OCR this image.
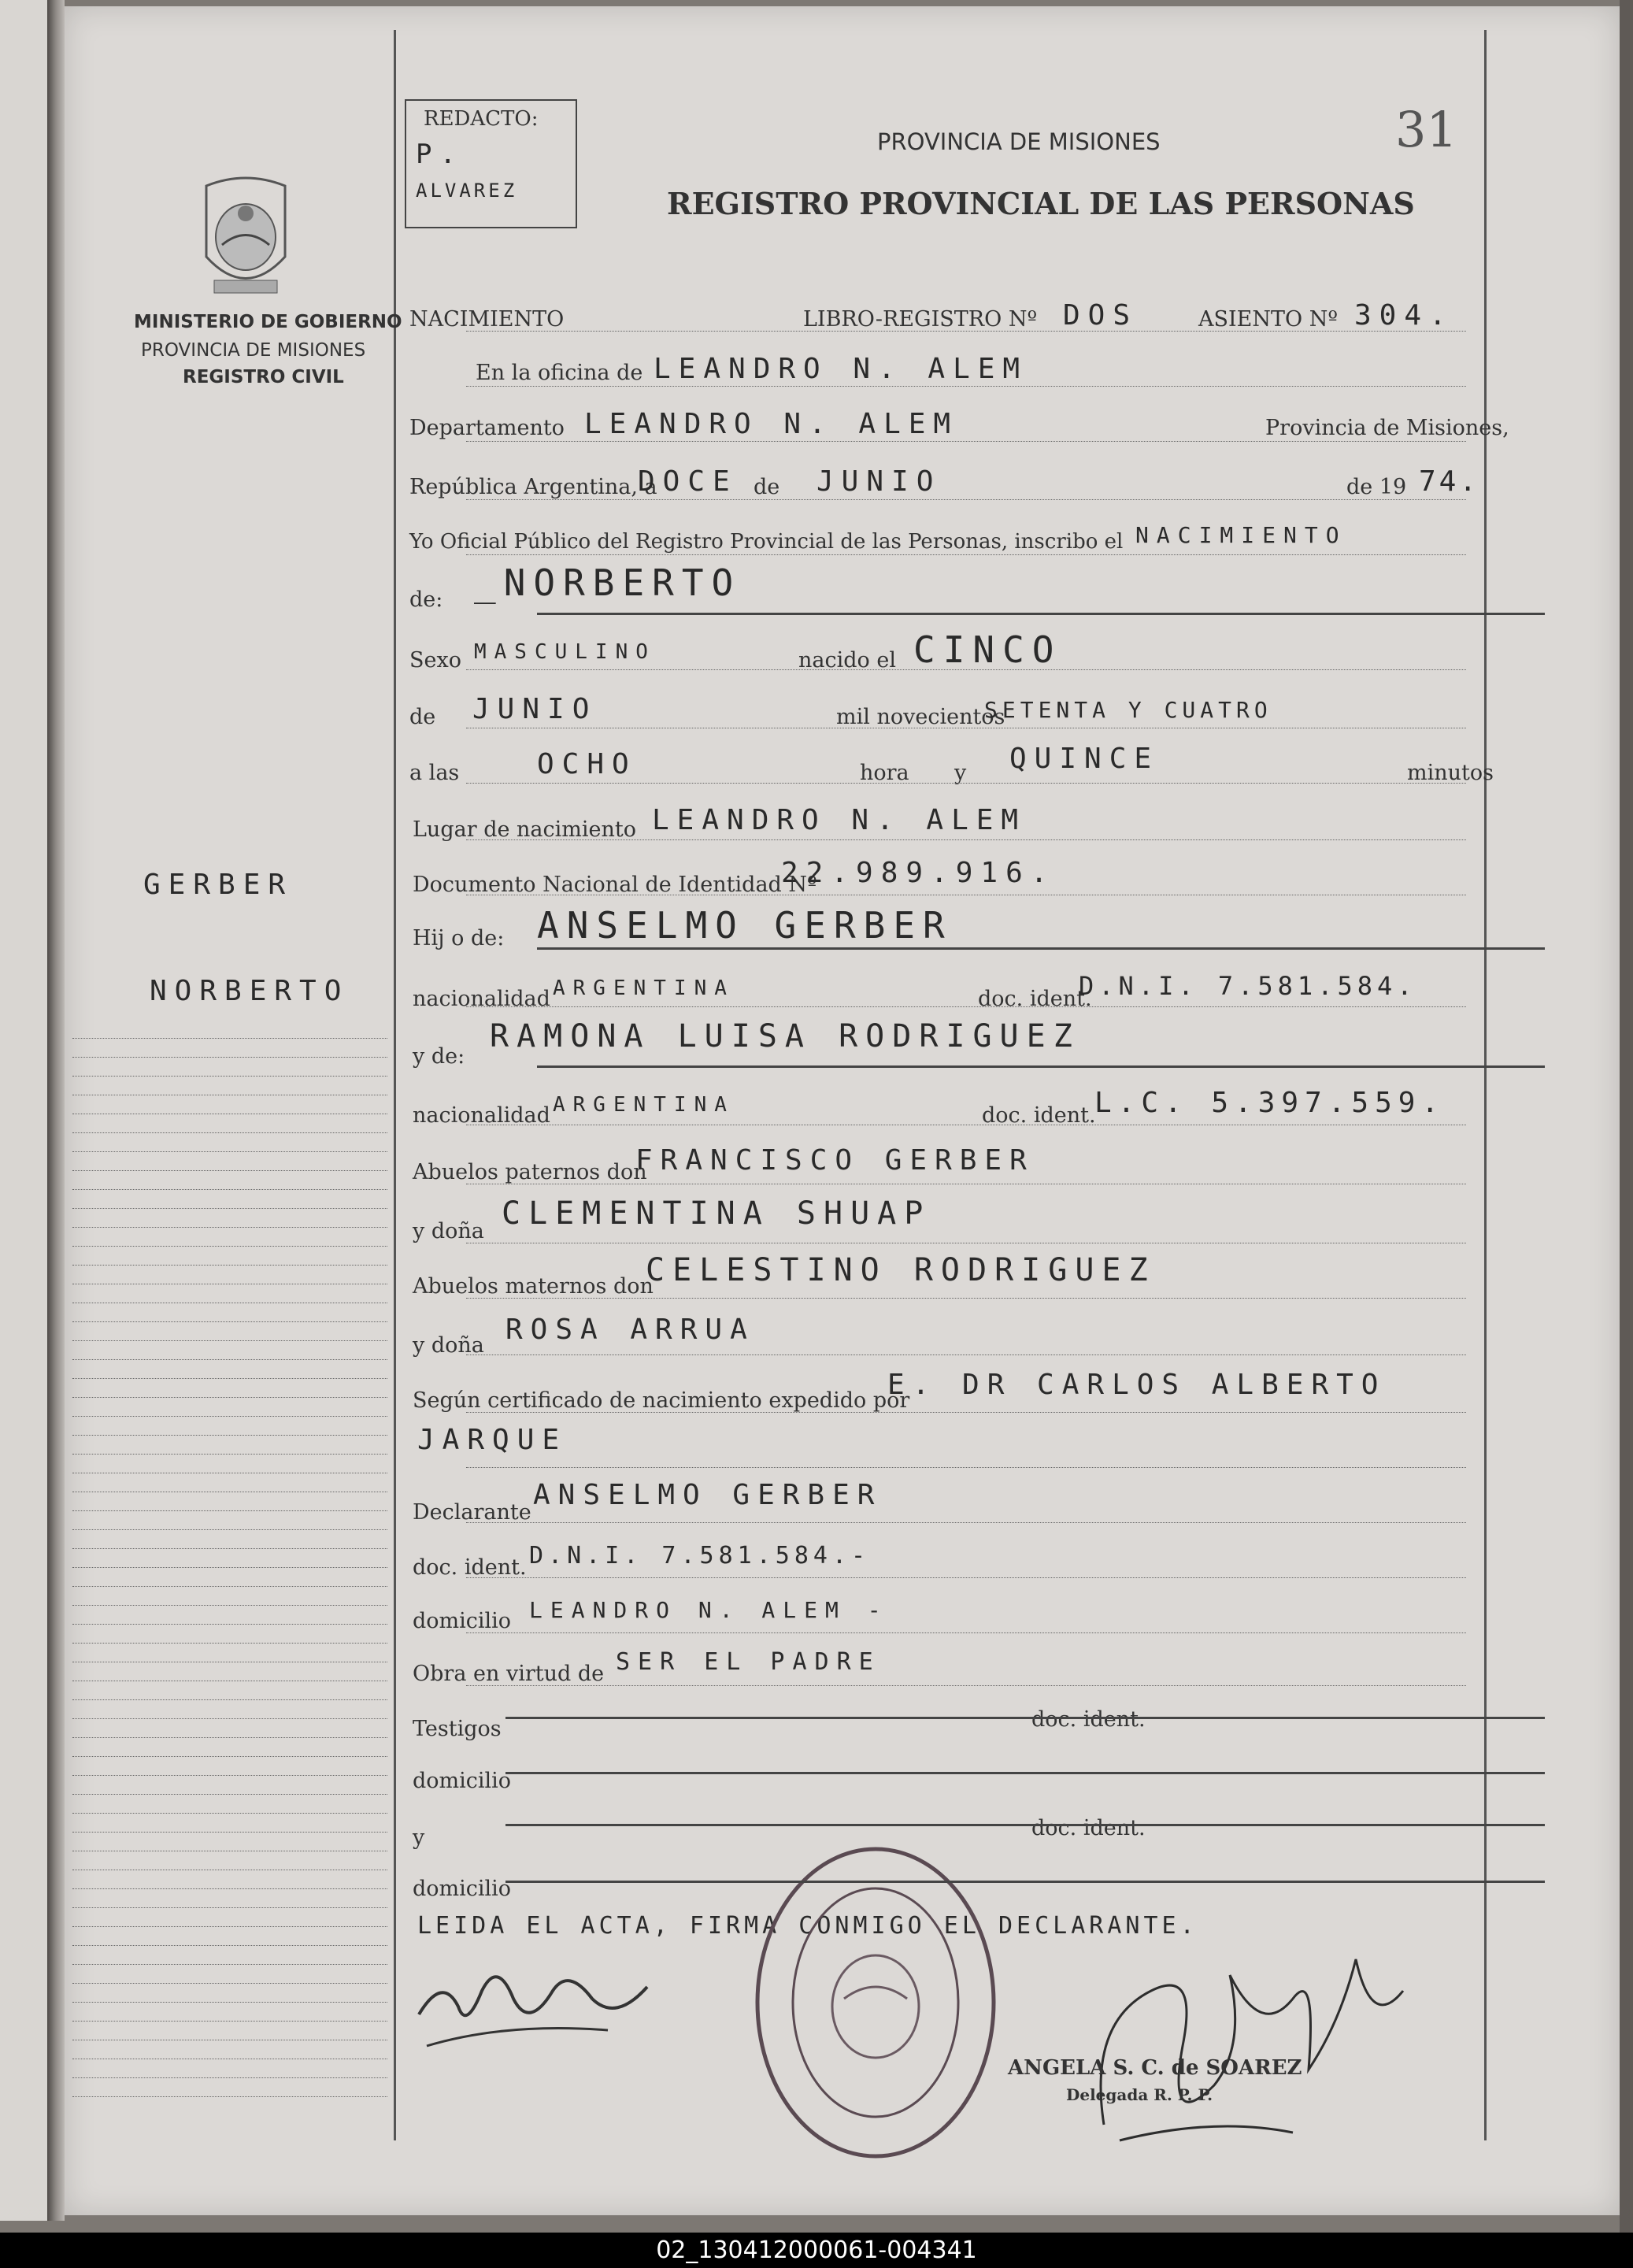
REDACTO:
P.
ALVAREZ
PROVINCIA DE MISIONES
REGISTRO PROVINCIAL DE LAS PERSONAS
31
MINISTERIO DE GOBIERNO
PROVINCIA DE MISIONES
REGISTRO CIVIL
GERBER
NORBERTO
NACIMIENTO	LIBRO-REGISTRO Nº DOS	ASIENTO Nº 304.
En la oficina de LEANDRO N. ALEM
Departamento LEANDRO N. ALEM	Provincia de Misiones,
República Argentina, a
DOCE de JUNIO	de 19 74.
Yo Oficial Público del Registro Provincial de las Personas, inscribo el NACIMIENTO
de: _NORBERTO
Sexo MASCULINO	nacido el CINCO
de JUNIO	mil novecientos
SETENTA Y CUATRO
a las	OCHO	hora y QUINCE	minutos
Lugar de nacimiento LEANDRO N. ALEM
Documento Nacional de Identidad Nº
22.989.916.
Hij o de: ANSELMO GERBER
nacionalidad ARGENTINA	doc. ident.
D.N.I. 7.581.584.
y de:
RAMONA LUISA RODRIGUEZ
nacionalidad ARGENTINA	doc. ident.
L.C. 5.397.559.
Abuelos paternos don
FRANCISCO GERBER
y doña CLEMENTINA SHUAP
Abuelos maternos don
CELESTINO RODRIGUEZ
y doña ROSA ARRUA
Según certificado de nacimiento expedido por
E. DR CARLOS ALBERTO
JARQUE
Declarante
ANSELMO GERBER
doc. ident. D.N.I. 7.581.584.-
domicilio LEANDRO N. ALEM -
Obra en virtud de SER EL PADRE
Testigos	doc. ident.
domicilio
y	doc. ident.
domicilio
LEIDA EL ACTA, FIRMA CONMIGO EL DECLARANTE.
ANGELA S. C. de SOAREZ
Delegada R. P. P.
02_130412000061-004341
